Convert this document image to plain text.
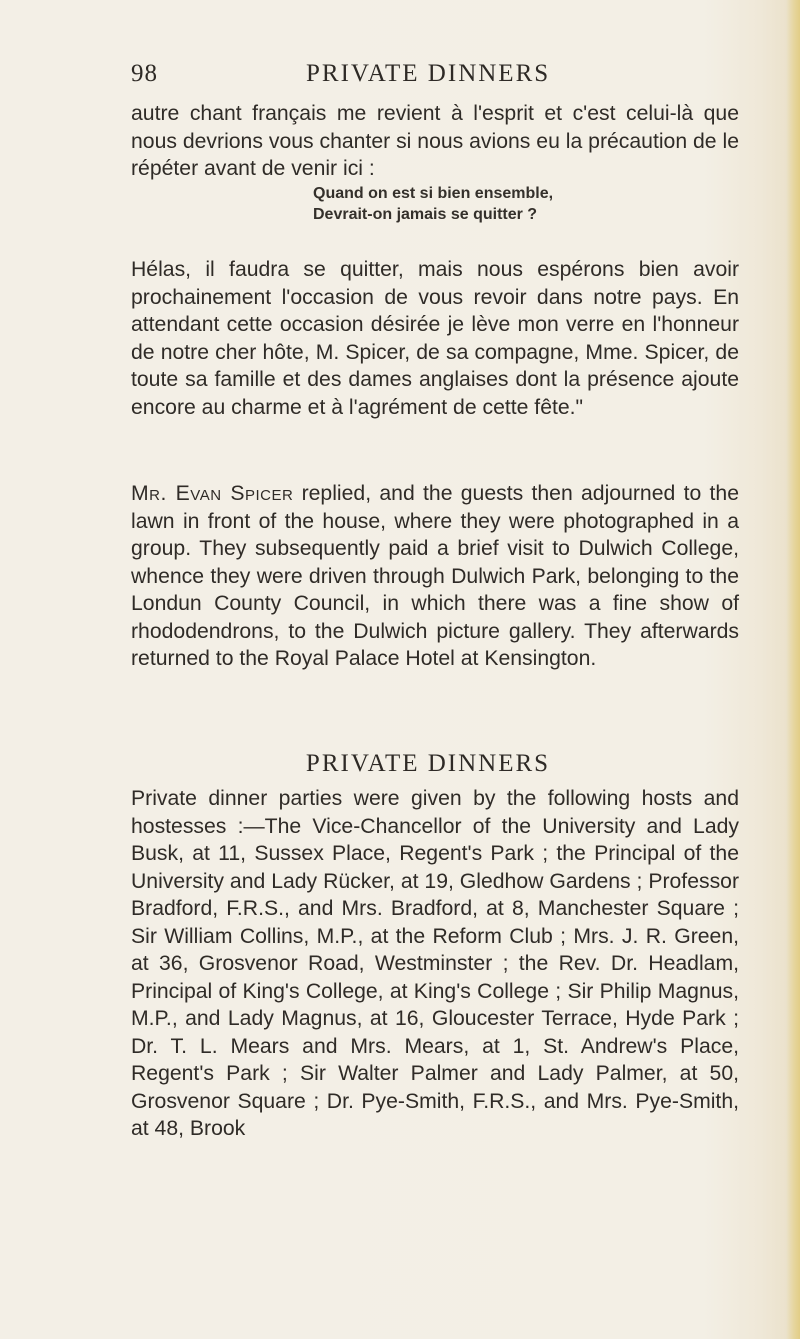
98	PRIVATE DINNERS
autre chant français me revient à l'esprit et c'est celui-là que nous devrions vous chanter si nous avions eu la précaution de le répéter avant de venir ici :
Quand on est si bien ensemble,
Devrait-on jamais se quitter ?
Hélas, il faudra se quitter, mais nous espérons bien avoir prochainement l'occasion de vous revoir dans notre pays. En attendant cette occasion désirée je lève mon verre en l'honneur de notre cher hôte, M. Spicer, de sa compagne, Mme. Spicer, de toute sa famille et des dames anglaises dont la présence ajoute encore au charme et à l'agrément de cette fête."
Mr. Evan Spicer replied, and the guests then adjourned to the lawn in front of the house, where they were photographed in a group. They subsequently paid a brief visit to Dulwich College, whence they were driven through Dulwich Park, belonging to the Londun County Council, in which there was a fine show of rhododendrons, to the Dulwich picture gallery. They afterwards returned to the Royal Palace Hotel at Kensington.
PRIVATE DINNERS
Private dinner parties were given by the following hosts and hostesses :—The Vice-Chancellor of the University and Lady Busk, at 11, Sussex Place, Regent's Park ; the Principal of the University and Lady Rücker, at 19, Gledhow Gardens ; Professor Bradford, F.R.S., and Mrs. Bradford, at 8, Manchester Square ; Sir William Collins, M.P., at the Reform Club ; Mrs. J. R. Green, at 36, Grosvenor Road, Westminster ; the Rev. Dr. Headlam, Principal of King's College, at King's College ; Sir Philip Magnus, M.P., and Lady Magnus, at 16, Gloucester Terrace, Hyde Park ; Dr. T. L. Mears and Mrs. Mears, at 1, St. Andrew's Place, Regent's Park ; Sir Walter Palmer and Lady Palmer, at 50, Grosvenor Square ; Dr. Pye-Smith, F.R.S., and Mrs. Pye-Smith, at 48, Brook
